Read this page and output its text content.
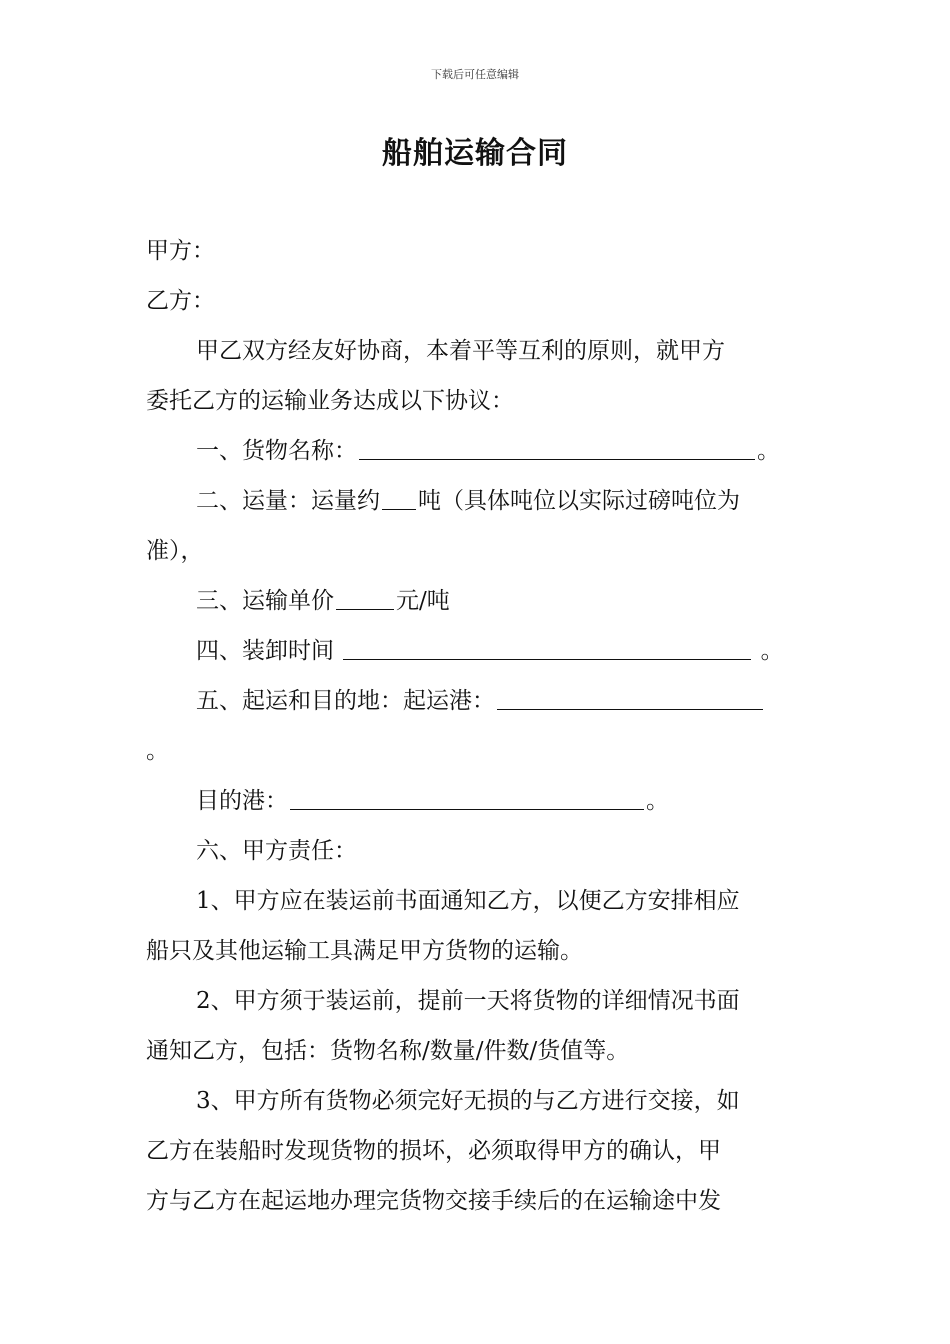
下载后可任意编辑
船舶运输合同
甲方：
乙方：
甲乙双方经友好协商，本着平等互利的原则，就甲方
委托乙方的运输业务达成以下协议：
一、货物名称：	。
二、运量：运量约 吨（具体吨位以实际过磅吨位为
准），
三、运输单价	元/吨
四、装卸时间	。
五、起运和目的地：起运港：
。
目的港：	。
六、甲方责任：
1、甲方应在装运前书面通知乙方，以便乙方安排相应
船只及其他运输工具满足甲方货物的运输。
2、甲方须于装运前，提前一天将货物的详细情况书面
通知乙方，包括：货物名称/数量/件数/货值等。
3、甲方所有货物必须完好无损的与乙方进行交接，如
乙方在装船时发现货物的损坏，必须取得甲方的确认，甲
方与乙方在起运地办理完货物交接手续后的在运输途中发
